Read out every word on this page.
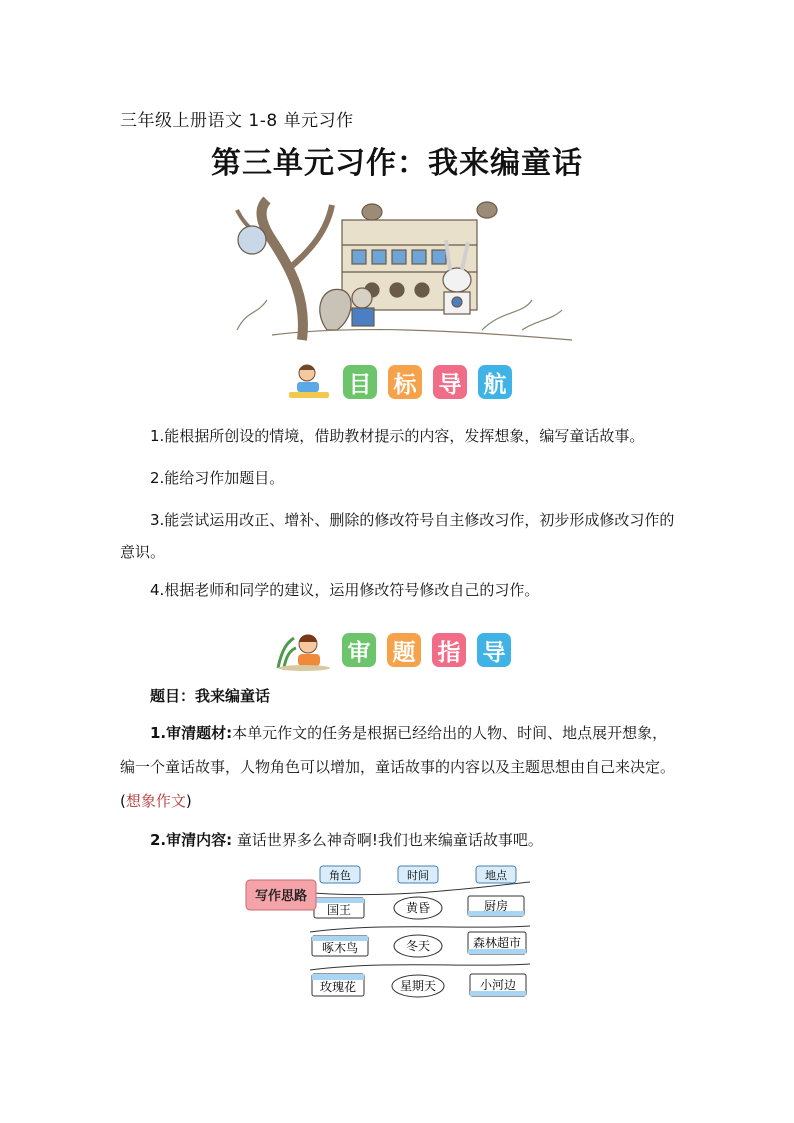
三年级上册语文 1-8 单元习作
第三单元习作：我来编童话
目 标 导 航
1.能根据所创设的情境，借助教材提示的内容，发挥想象，编写童话故事。
2.能给习作加题目。
3.能尝试运用改正、增补、删除的修改符号自主修改习作，初步形成修改习作的意识。
4.根据老师和同学的建议，运用修改符号修改自己的习作。
审 题 指 导
题目：我来编童话
1.审清题材:本单元作文的任务是根据已经给出的人物、时间、地点展开想象，编一个童话故事，人物角色可以增加，童话故事的内容以及主题思想由自己来决定。(想象作文)
2.审清内容: 童话世界多么神奇啊!我们也来编童话故事吧。
角色	时间	地点
国王	黄昏	厨房
啄木鸟	冬天	森林超市
玫瑰花	星期天	小河边
写作思路
